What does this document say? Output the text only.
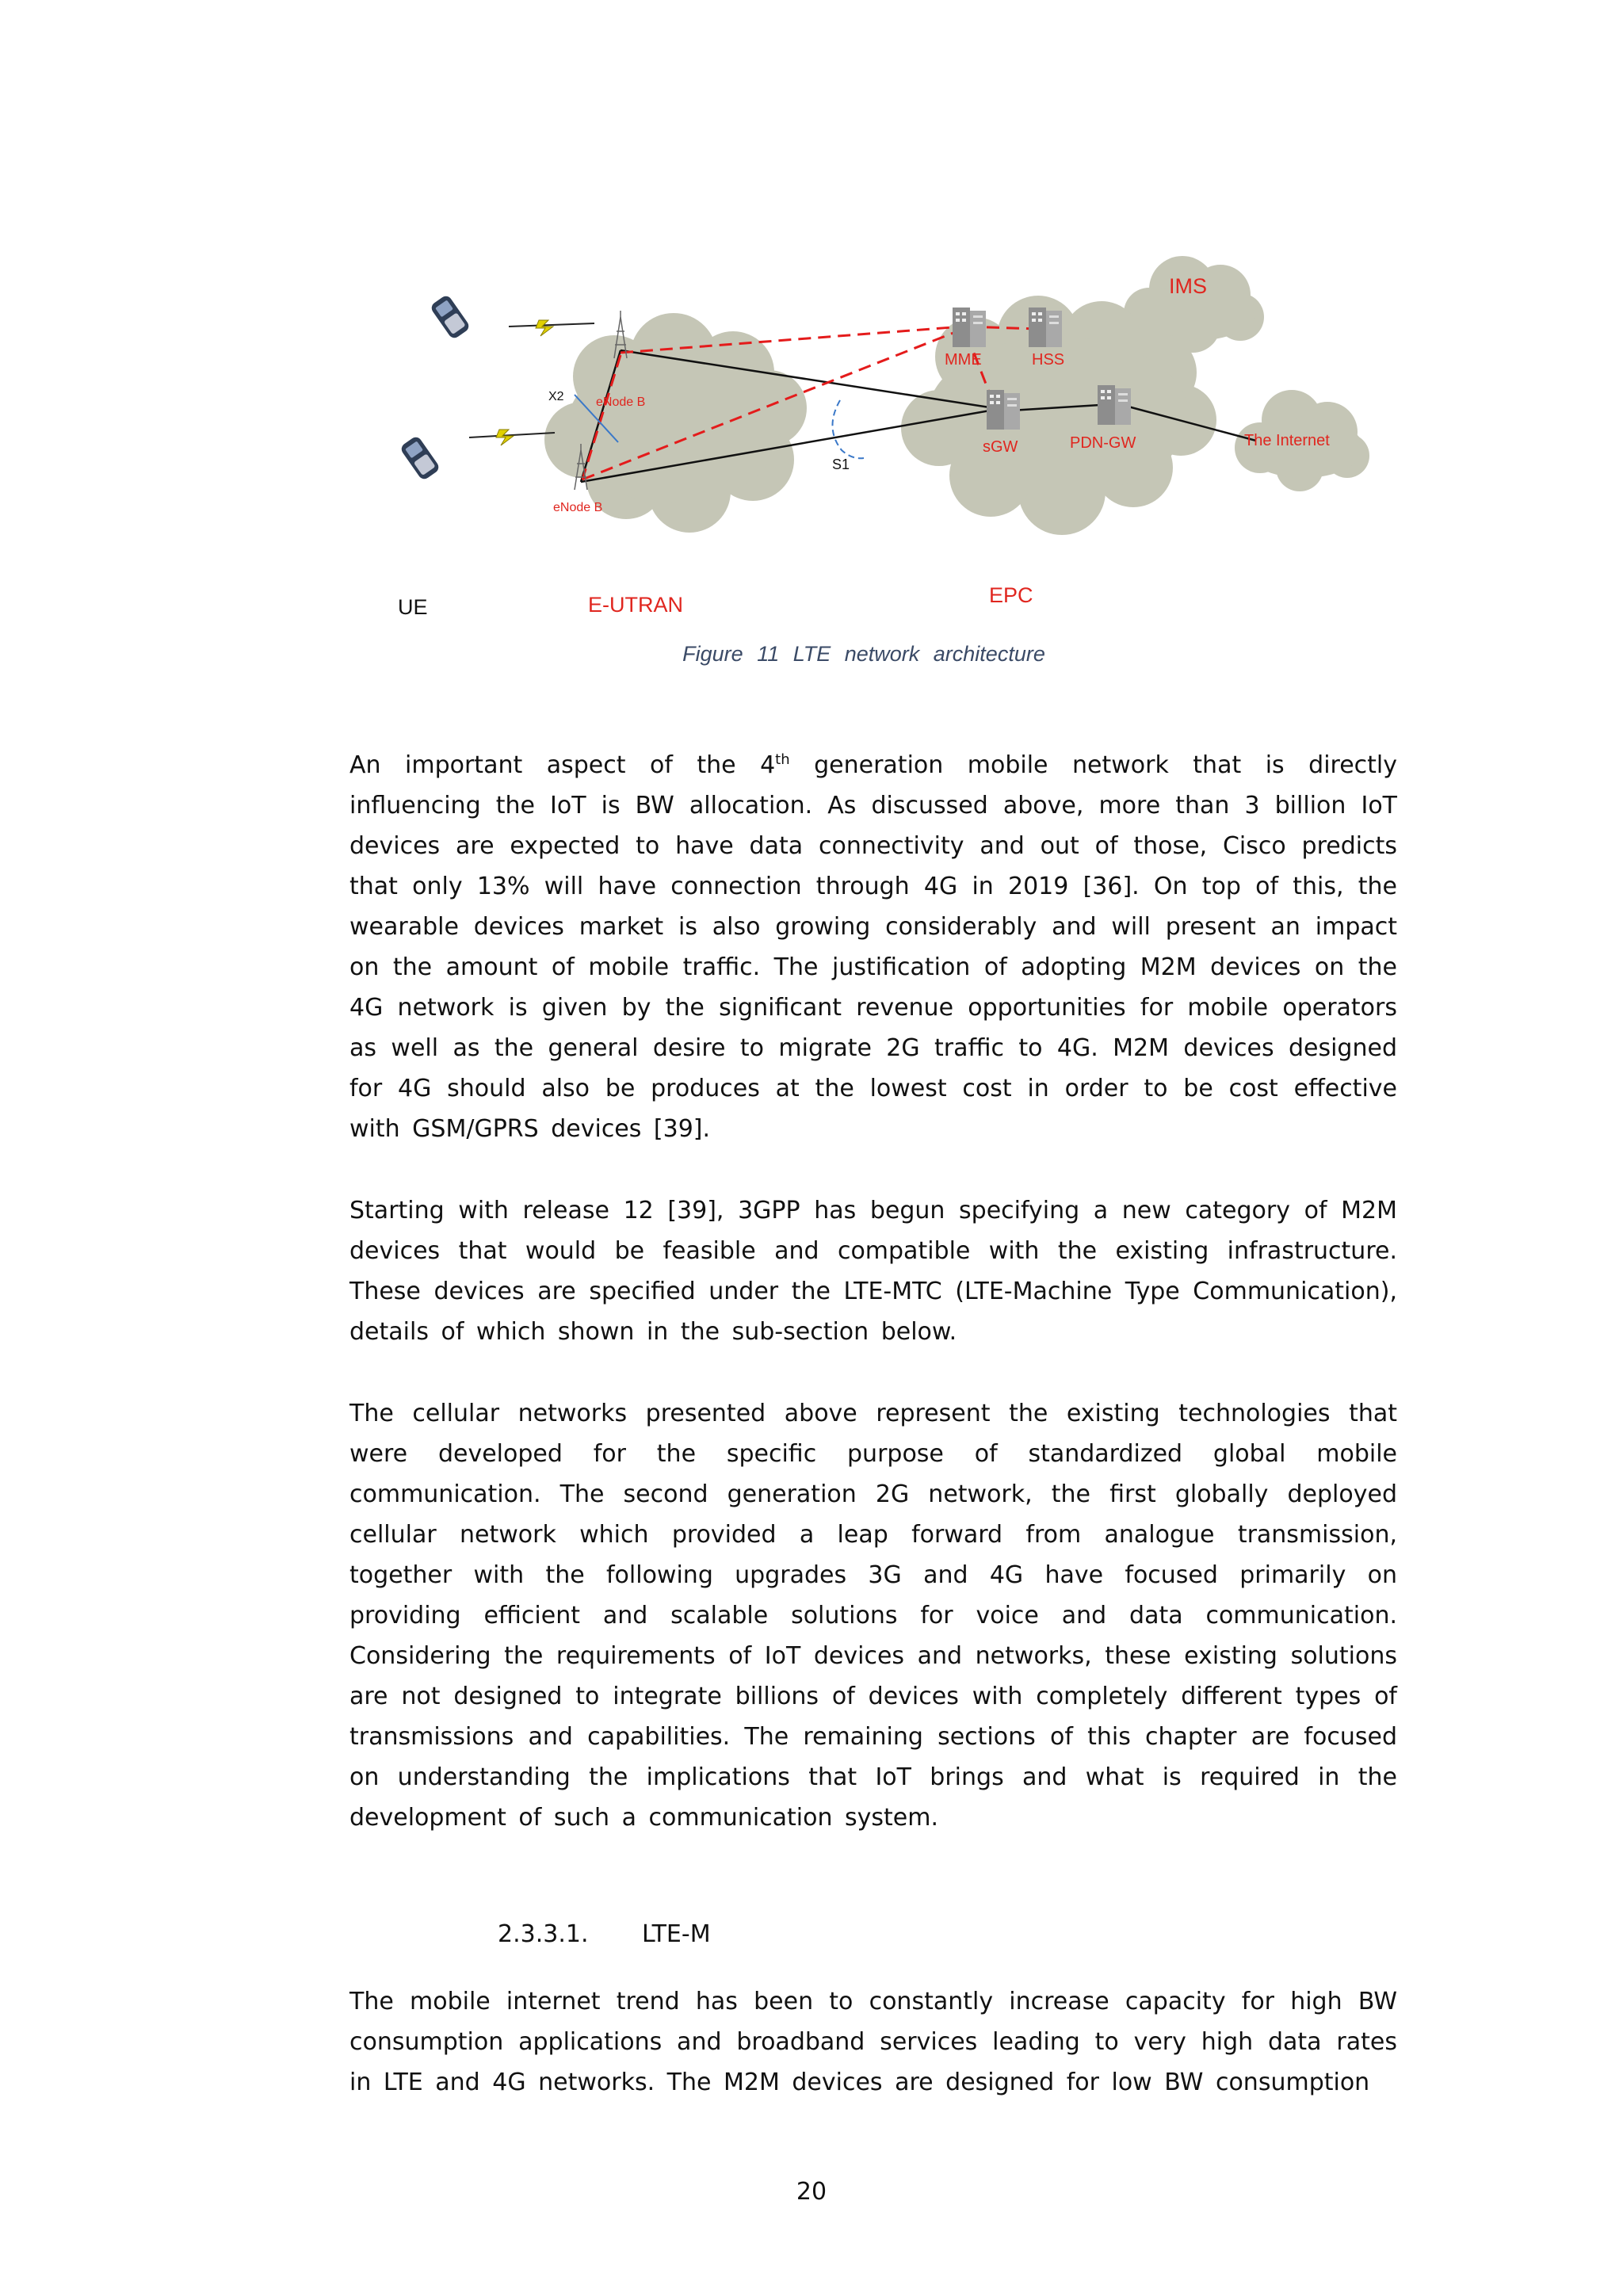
IMS
MME	HSS
sGW	PDN-GW	The Internet
eNode B
eNode B
X2
S1
UE	E-UTRAN	EPC
Figure 11 LTE network architecture

An important aspect of the 4th generation mobile network that is directly influencing the IoT is BW allocation. As discussed above, more than 3 billion IoT devices are expected to have data connectivity and out of those, Cisco predicts that only 13% will have connection through 4G in 2019 [36]. On top of this, the wearable devices market is also growing considerably and will present an impact on the amount of mobile traffic. The justification of adopting M2M devices on the 4G network is given by the significant revenue opportunities for mobile operators as well as the general desire to migrate 2G traffic to 4G. M2M devices designed for 4G should also be produces at the lowest cost in order to be cost effective with GSM/GPRS devices [39].

Starting with release 12 [39], 3GPP has begun specifying a new category of M2M devices that would be feasible and compatible with the existing infrastructure. These devices are specified under the LTE-MTC (LTE-Machine Type Communication), details of which shown in the sub-section below.

The cellular networks presented above represent the existing technologies that were developed for the specific purpose of standardized global mobile communication. The second generation 2G network, the first globally deployed cellular network which provided a leap forward from analogue transmission, together with the following upgrades 3G and 4G have focused primarily on providing efficient and scalable solutions for voice and data communication. Considering the requirements of IoT devices and networks, these existing solutions are not designed to integrate billions of devices with completely different types of transmissions and capabilities. The remaining sections of this chapter are focused on understanding the implications that IoT brings and what is required in the development of such a communication system.

2.3.3.1. LTE-M

The mobile internet trend has been to constantly increase capacity for high BW consumption applications and broadband services leading to very high data rates in LTE and 4G networks. The M2M devices are designed for low BW consumption

20
